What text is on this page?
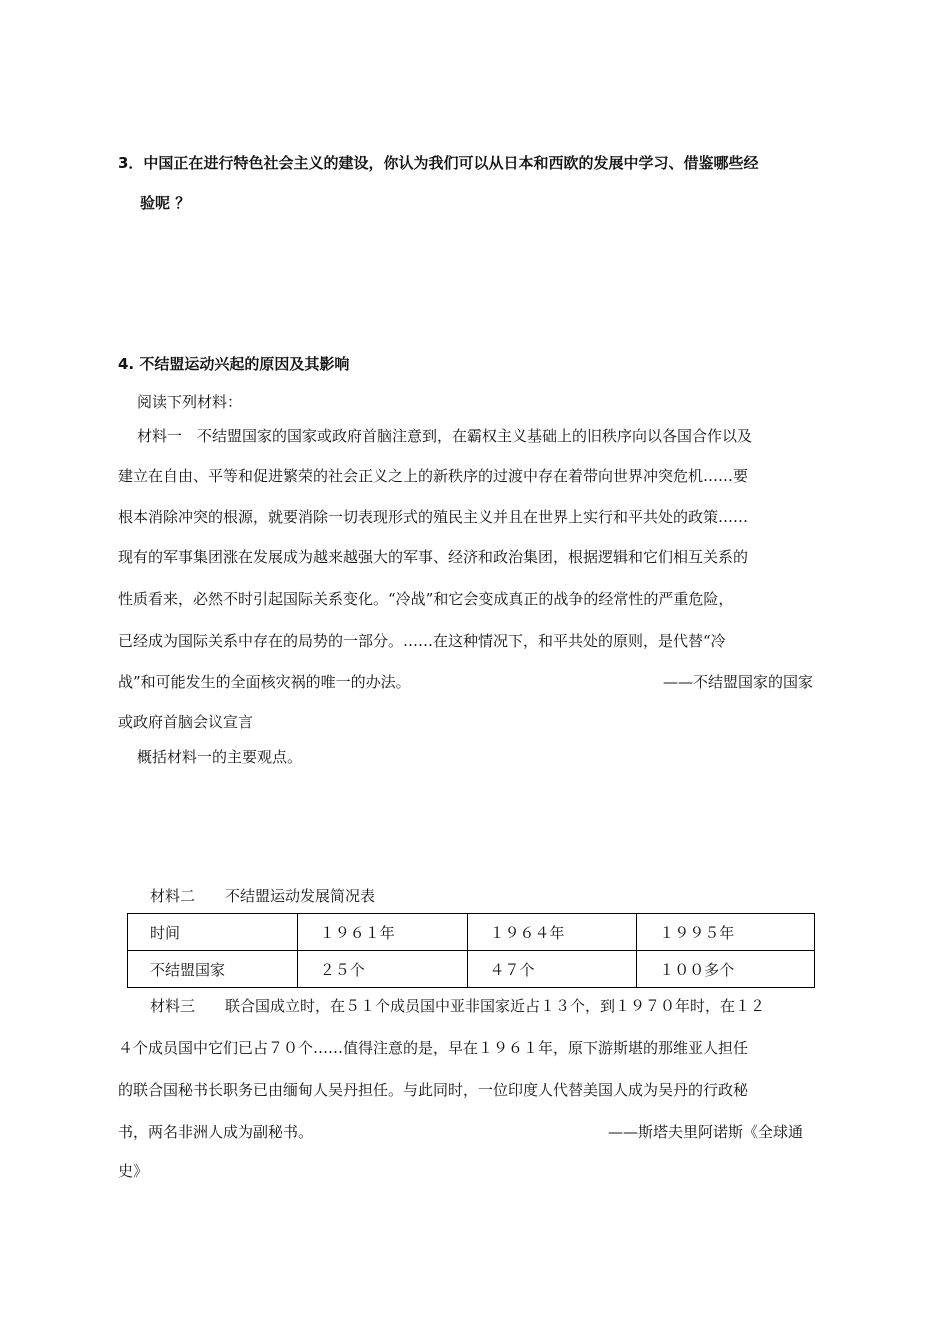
3．中国正在进行特色社会主义的建设，你认为我们可以从日本和西欧的发展中学习、借鉴哪些经
验呢 ？
4. 不结盟运动兴起的原因及其影响
阅读下列材料：
材料一　不结盟国家的国家或政府首脑注意到，在霸权主义基础上的旧秩序向以各国合作以及
建立在自由、平等和促进繁荣的社会正义之上的新秩序的过渡中存在着带向世界冲突危机……要
根本消除冲突的根源，就要消除一切表现形式的殖民主义并且在世界上实行和平共处的政策……
现有的军事集团涨在发展成为越来越强大的军事、经济和政治集团，根据逻辑和它们相互关系的
性质看来，必然不时引起国际关系变化。“冷战”和它会变成真正的战争的经常性的严重危险，
已经成为国际关系中存在的局势的一部分。……在这种情况下，和平共处的原则，是代替“冷
战”和可能发生的全面核灾祸的唯一的办法。	——不结盟国家的国家
或政府首脑会议宣言
概括材料一的主要观点。
材料二　　不结盟运动发展简况表
时间	１９６１年	１９６４年	１９９５年
不结盟国家	２５个	４７个	１００多个
材料三　　联合国成立时，在５１个成员国中亚非国家近占１３个，到１９７０年时，在１２
４个成员国中它们已占７０个……值得注意的是，早在１９６１年，原下游斯堪的那维亚人担任
的联合国秘书长职务已由缅甸人吴丹担任。与此同时，一位印度人代替美国人成为吴丹的行政秘
书，两名非洲人成为副秘书。	——斯塔夫里阿诺斯《全球通
史》
